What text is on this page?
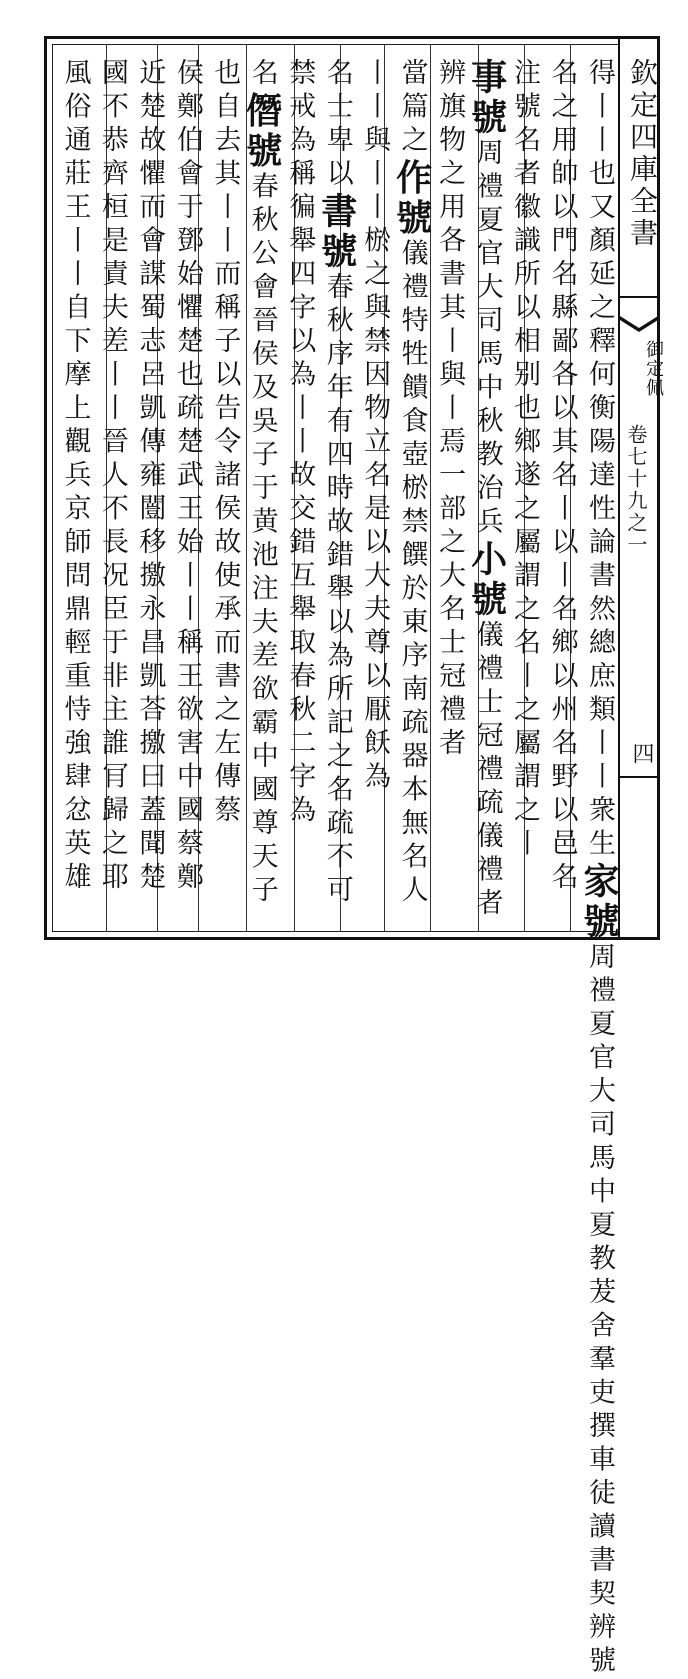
欽定四庫全書
御定佩
卷七十九之一
四
得丨丨也又顏延之釋何衡陽達性論書然總庶類丨丨衆生家號周禮夏官大司馬中夏教茇舍羣吏撰車徒讀書契辨號
名之用帥以門名縣鄙各以其名丨以丨名鄉以州名野以邑名
注號名者徽識所以相别也鄉遂之屬謂之名丨之屬謂之丨
事號周禮夏官大司馬中秋教治兵小號儀禮士冠禮疏儀禮者
辨旗物之用各書其丨與丨焉一部之大名士冠禮者
當篇之作號儀禮特牲饋食壺棜禁饌於東序南疏器本無名人
丨丨與丨丨棜之與禁因物立名是以大夫尊以厭飫為
名士卑以書號春秋序年有四時故錯舉以為所記之名疏不可
禁戒為稱徧舉四字以為丨丨故交錯互舉取春秋二字為
名僭號春秋公會晉侯及吳子于黄池注夫差欲霸中國尊天子
也自去其丨丨而稱子以告令諸侯故使承而書之左傳蔡
侯鄭伯會于鄧始懼楚也疏楚武王始丨丨稱王欲害中國蔡鄭
近楚故懼而會謀蜀志呂凱傳雍闓移撽永昌凱荅撽曰蓋聞楚
國不恭齊桓是責夫差丨丨晉人不長况臣于非主誰肎歸之耶
風俗通莊王丨丨自下摩上觀兵京師問鼎輕重恃強肆忿英雄
